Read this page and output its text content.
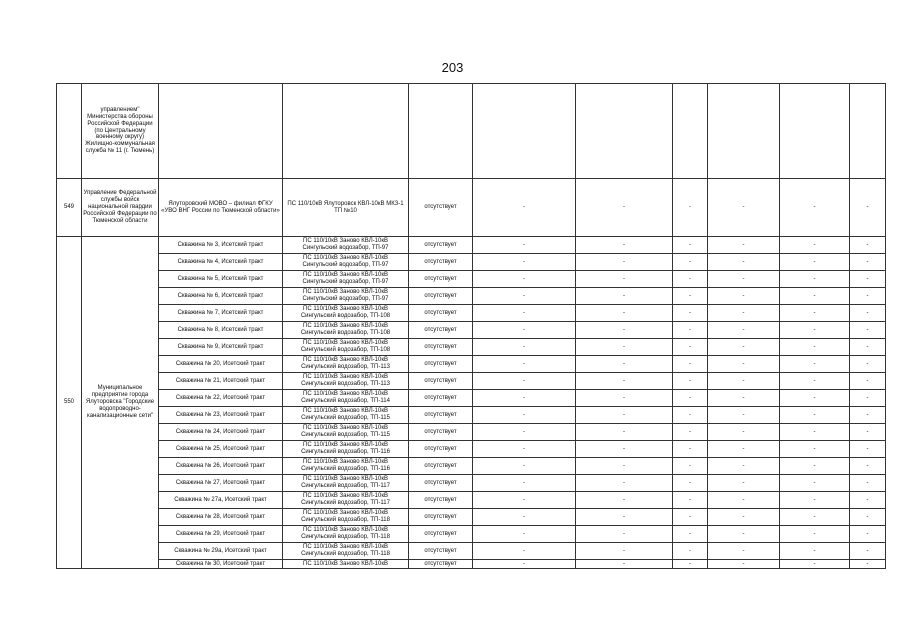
203
	управлением" Министерства обороны Российской Федерации (по Центральному военному округу) Жилищно-коммунальная служба № 11 (г. Тюмень)									
549	Управление Федеральной службы войск национальной гвардии Российской Федерации по Тюменской области	Ялуторовский МОВО – филиал ФГКУ «УВО ВНГ России по Тюменской области»	ПС 110/10кВ Ялуторовск КВЛ-10кВ МКЗ-1 ТП №10	отсутствует	-	-	-	-	-	-
550	Муниципальное предприятие города Ялуторовска "Городские водопроводно-канализационные сети"	Скважина № 3, Исетский тракт	ПС 110/10кВ Заново КВЛ-10кВ
Сингульский водозабор, ТП-97	отсутствует	-	-	-	-	-	-
		Скважина № 4, Исетский тракт	ПС 110/10кВ Заново КВЛ-10кВ
Сингульский водозабор, ТП-97	отсутствует	-	-	-	-	-	-
		Скважина № 5, Исетский тракт	ПС 110/10кВ Заново КВЛ-10кВ
Сингульский водозабор, ТП-97	отсутствует	-	-	-	-	-	-
		Скважина № 6, Исетский тракт	ПС 110/10кВ Заново КВЛ-10кВ
Сингульский водозабор, ТП-97	отсутствует	-	-	-	-	-	-
		Скважина № 7, Исетский тракт	ПС 110/10кВ Заново КВЛ-10кВ
Сингульский водозабор, ТП-108	отсутствует	-	-	-	-	-	-
		Скважина № 8, Исетский тракт	ПС 110/10кВ Заново КВЛ-10кВ
Сингульский водозабор, ТП-108	отсутствует	-	-	-	-	-	-
		Скважина № 9, Исетский тракт	ПС 110/10кВ Заново КВЛ-10кВ
Сингульский водозабор, ТП-108	отсутствует	-	-	-	-	-	-
		Скважина № 20, Исетский тракт	ПС 110/10кВ Заново КВЛ-10кВ
Сингульский водозабор, ТП-113	отсутствует	-	-	-	-	-	-
		Скважина № 21, Исетский тракт	ПС 110/10кВ Заново КВЛ-10кВ
Сингульский водозабор, ТП-113	отсутствует	-	-	-	-	-	-
		Скважина № 22, Исетский тракт	ПС 110/10кВ Заново КВЛ-10кВ
Сингульский водозабор, ТП-114	отсутствует	-	-	-	-	-	-
		Скважина № 23, Исетский тракт	ПС 110/10кВ Заново КВЛ-10кВ
Сингульский водозабор, ТП-115	отсутствует	-	-	-	-	-	-
		Скважина № 24, Исетский тракт	ПС 110/10кВ Заново КВЛ-10кВ
Сингульский водозабор, ТП-115	отсутствует	-	-	-	-	-	-
		Скважина № 25, Исетский тракт	ПС 110/10кВ Заново КВЛ-10кВ
Сингульский водозабор, ТП-116	отсутствует	-	-	-	-	-	-
		Скважина № 26, Исетский тракт	ПС 110/10кВ Заново КВЛ-10кВ
Сингульский водозабор, ТП-116	отсутствует	-	-	-	-	-	-
		Скважина № 27, Исетский тракт	ПС 110/10кВ Заново КВЛ-10кВ
Сингульский водозабор, ТП-117	отсутствует	-	-	-	-	-	-
		Скважина № 27а, Исетский тракт	ПС 110/10кВ Заново КВЛ-10кВ
Сингульский водозабор, ТП-117	отсутствует	-	-	-	-	-	-
		Скважина № 28, Исетский тракт	ПС 110/10кВ Заново КВЛ-10кВ
Сингульский водозабор, ТП-118	отсутствует	-	-	-	-	-	-
		Скважина № 29, Исетский тракт	ПС 110/10кВ Заново КВЛ-10кВ
Сингульский водозабор, ТП-118	отсутствует	-	-	-	-	-	-
		Скважина № 29а, Исетский тракт	ПС 110/10кВ Заново КВЛ-10кВ
Сингульский водозабор, ТП-118	отсутствует	-	-	-	-	-	-
		Скважина № 30, Исетский тракт	ПС 110/10кВ Заново КВЛ-10кВ	отсутствует	-	-	-	-	-	-
